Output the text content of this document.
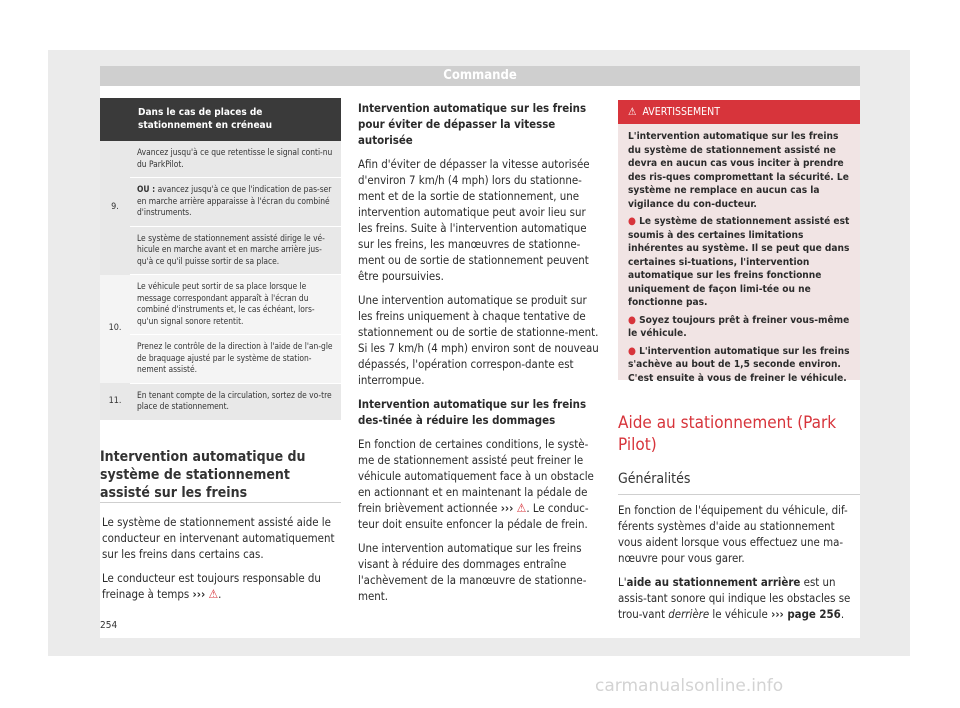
Commande
	Dans le cas de places de stationnement en créneau
9.	Avancez jusqu'à ce que retentisse le signal conti-nu du ParkPilot.
	OU : avancez jusqu'à ce que l'indication de pas-ser en marche arrière apparaisse à l'écran du combiné d'instruments.
	Le système de stationnement assisté dirige le vé-hicule en marche avant et en marche arrière jus-qu'à ce qu'il puisse sortir de sa place.
10.	Le véhicule peut sortir de sa place lorsque le message correspondant apparaît à l'écran du combiné d'instruments et, le cas échéant, lors-qu'un signal sonore retentit.
	Prenez le contrôle de la direction à l'aide de l'an-gle de braquage ajusté par le système de station-nement assisté.
11.	En tenant compte de la circulation, sortez de vo-tre place de stationnement.
Intervention automatique du système de stationnement assisté sur les freins

Le système de stationnement assisté aide le conducteur en intervenant automatiquement sur les freins dans certains cas.

Le conducteur est toujours responsable du freinage à temps ››› ⚠.

Intervention automatique sur les freins pour éviter de dépasser la vitesse autorisée

Afin d'éviter de dépasser la vitesse autorisée d'environ 7 km/h (4 mph) lors du stationne-ment et de la sortie de stationnement, une intervention automatique peut avoir lieu sur les freins. Suite à l'intervention automatique sur les freins, les manœuvres de stationne-ment ou de sortie de stationnement peuvent être poursuivies.

Une intervention automatique se produit sur les freins uniquement à chaque tentative de stationnement ou de sortie de stationne-ment. Si les 7 km/h (4 mph) environ sont de nouveau dépassés, l'opération correspon-dante est interrompue.

Intervention automatique sur les freins des-tinée à réduire les dommages

En fonction de certaines conditions, le systè-me de stationnement assisté peut freiner le véhicule automatiquement face à un obstacle en actionnant et en maintenant la pédale de frein brièvement actionnée ››› ⚠. Le conduc-teur doit ensuite enfoncer la pédale de frein.

Une intervention automatique sur les freins visant à réduire des dommages entraîne l'achèvement de la manœuvre de stationne-ment.

⚠ AVERTISSEMENT
L'intervention automatique sur les freins du système de stationnement assisté ne devra en aucun cas vous inciter à prendre des ris-ques compromettant la sécurité. Le système ne remplace en aucun cas la vigilance du con-ducteur.
● Le système de stationnement assisté est soumis à des certaines limitations inhérentes au système. Il se peut que dans certaines si-tuations, l'intervention automatique sur les freins fonctionne uniquement de façon limi-tée ou ne fonctionne pas.
● Soyez toujours prêt à freiner vous-même le véhicule.
● L'intervention automatique sur les freins s'achève au bout de 1,5 seconde environ. C'est ensuite à vous de freiner le véhicule.
Aide au stationnement (Park Pilot)
Généralités

En fonction de l'équipement du véhicule, dif-férents systèmes d'aide au stationnement vous aident lorsque vous effectuez une ma-nœuvre pour vous garer.

L'aide au stationnement arrière est un assis-tant sonore qui indique les obstacles se trou-vant derrière le véhicule ››› page 256.

254
carmanualsonline.info
